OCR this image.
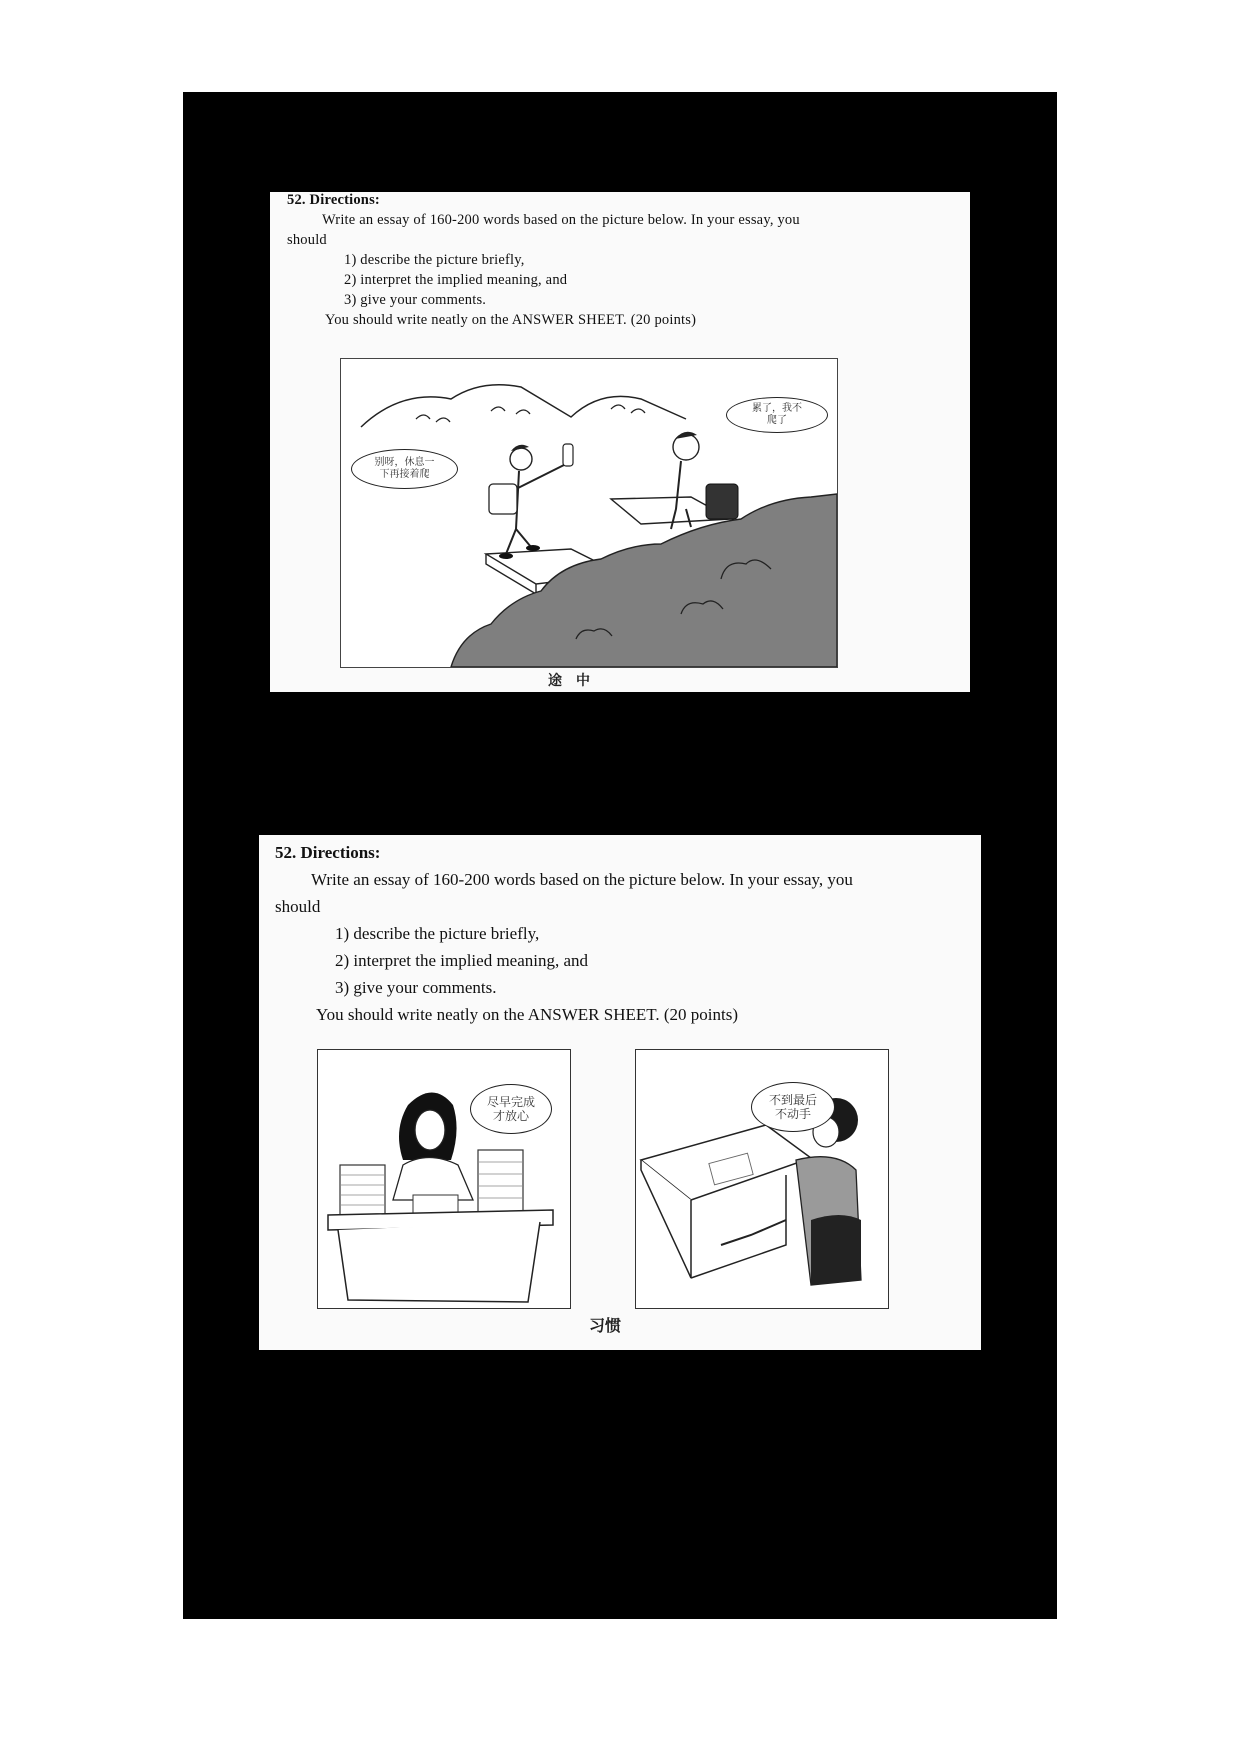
52. Directions:
Write an essay of 160-200 words based on the picture below. In your essay, you
should
1) describe the picture briefly,
2) interpret the implied meaning, and
3) give your comments.
You should write neatly on the ANSWER SHEET. (20 points)
别呀，休息一
下再接着爬
累了，我不
爬了
途　中
52. Directions:
Write an essay of 160-200 words based on the picture below. In your essay, you
should
1) describe the picture briefly,
2) interpret the implied meaning, and
3) give your comments.
You should write neatly on the ANSWER SHEET. (20 points)
尽早完成
才放心
不到最后
不动手
习惯
